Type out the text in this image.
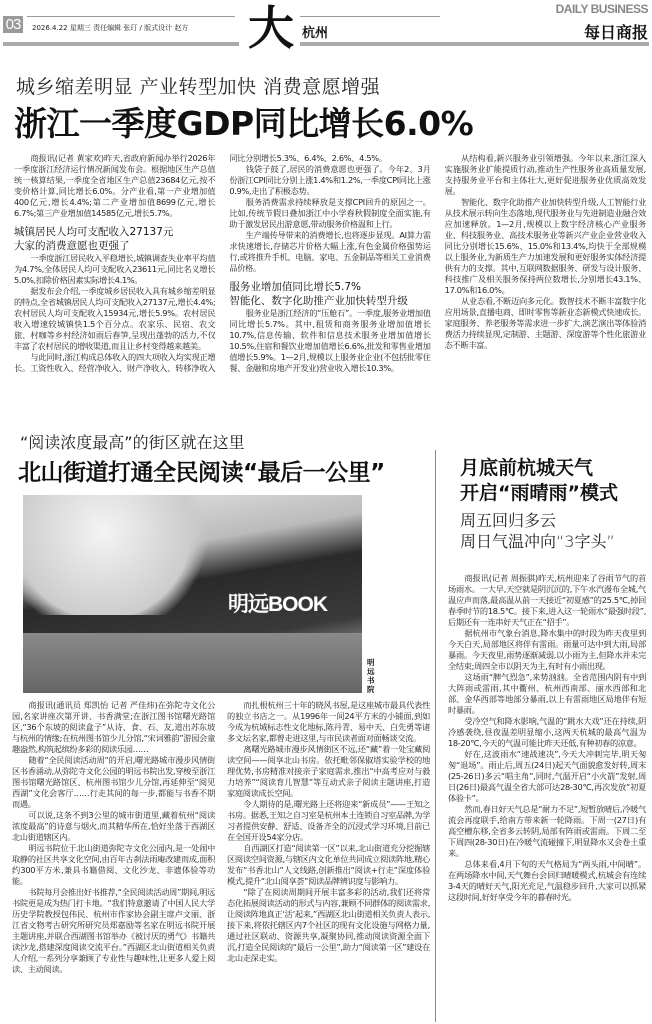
03	2026.4.22 星期三 责任编辑 张玎 / 版式设计 赵方 大 杭州
DAILY BUSINESS
每日商报
城乡缩差明显 产业转型加快 消费意愿增强
浙江一季度GDP同比增长6.0%

商报讯(记者 黄家欢)昨天,省政府新闻办举行2026年一季度浙江经济运行情况新闻发布会。根据地区生产总值统一核算结果,一季度全省地区生产总值23684亿元,按不变价格计算,同比增长6.0%。分产业看,第一产业增加值400亿元,增长4.4%;第二产业增加值8699亿元,增长6.7%;第三产业增加值14585亿元,增长5.7%。

城镇居民人均可支配收入27137元
大家的消费意愿也更强了

一季度浙江居民收入平稳增长,城镇调查失业率平均值为4.7%,全体居民人均可支配收入23611元,同比名义增长5.0%,扣除价格因素实际增长4.1%。

据发布会介绍,一季度城乡居民收入具有城乡缩差明显的特点,全省城镇居民人均可支配收入27137元,增长4.4%;农村居民人均可支配收入15934元,增长5.9%。农村居民收入增速较城镇快1.5个百分点。农家乐、民宿、农文旅、村咖等乡村经济如雨后春笋,呈现出蓬勃的活力,不仅丰富了农村居民的增收渠道,而且让乡村变得越来越美。

与此同时,浙江构成总体收入的四大项收入均实现正增长。工资性收入、经营净收入、财产净收入、转移净收入同比分别增长5.3%、6.4%、2.6%、4.5%。

钱袋子鼓了,居民的消费意愿也更强了。今年2、3月份浙江CPI同比分别上涨1.4%和1.2%,一季度CPI同比上涨0.9%,走出了积极态势。

服务消费需求持续释放是支撑CPI回升的原因之一。比如,传统节假日叠加浙江中小学春秋假制度全面实施,有助于激发居民出游意愿,带动服务价格温和上行。

生产端传导带来的消费增长,也将逐步显现。AI算力需求快速增长,存储芯片价格大幅上涨,有色金属价格强势运行,或将推升手机、电脑、家电、五金制品等相关工业消费品价格。

服务业增加值同比增长5.7%
智能化、数字化助推产业加快转型升级

服务业是浙江经济的“压舱石”。一季度,服务业增加值同比增长5.7%。其中,租赁和商务服务业增加值增长10.7%,信息传输、软件和信息技术服务业增加值增长10.5%,住宿和餐饮业增加值增长6.6%,批发和零售业增加值增长5.9%。1—2月,规模以上服务业企业(不包括批零住餐、金融和房地产开发业)营业收入增长10.3%。

从结构看,新兴服务业引领增强。今年以来,浙江深入实施服务业扩能提质行动,推动生产性服务业高质量发展,支持服务业平台和主体壮大,更好促进服务业优质高效发展。

智能化、数字化助推产业加快转型升级,人工智能行业从技术展示转向生态落地,现代服务业与先进制造业融合效应加速释放。1—2月,规模以上数字经济核心产业服务业、科技服务业、高技术服务业等新兴产业企业营业收入同比分别增长15.6%、15.0%和13.4%,均快于全部规模以上服务业,为新质生产力加速发展和更好服务实体经济提供有力的支撑。其中,互联网数据服务、研发与设计服务、科技推广及相关服务保持两位数增长,分别增长43.1%、17.0%和16.0%。

从业态看,不断迈向多元化。数智技术不断丰富数字化应用场景,直播电商、即时零售等新业态新模式快速成长。家庭服务、养老服务等需求进一步扩大,演艺演出等体验消费活力持续显现,定制游、主题游、深度游等个性化旅游业态不断丰富。

“阅读浓度最高”的街区就在这里
北山街道打通全民阅读“最后一公里”
明远BOOK
明远书院

商报讯(通讯员 郑凯怡 记者 严佳炜)在弥陀寺文化公园,名家讲座次第开讲、书香满堂;在浙江图书馆曙光路馆区,“36个东坡的阅读盒子”从诗、食、石、友,道出苏东坡与杭州的情缘;在杭州图书馆少儿分馆,“宋词雅韵”游园会童趣盎然,构筑起缤纷多彩的阅读乐园……

随着“全民阅读活动周”的开启,曙光路城市漫步风情街区书香涌动,从弥陀寺文化公园的明远书院出发,穿梭至浙江图书馆曙光路馆区、杭州图书馆少儿分馆,再延伸至“阅见西湖”文化会客厅……行走其间的每一步,都能与书香不期而遇。

可以说,这条不到3公里的城市街道里,藏着杭州“阅读浓度最高”的诗意与烟火,而其精华所在,恰好坐落于西湖区北山街道辖区内。

明远书院位于北山街道弥陀寺文化公园内,是一处闹中取静的社区共享文化空间,由百年古刹法雨庵改建而成,面积约300平方米,兼具书籍借阅、文化沙龙、非遗体验等功能。

书院每月会推出好书推荐,“全民阅读活动周”期间,明远书院更是成为热门打卡地。“我们特意邀请了中国人民大学历史学院教授包伟民、杭州市作家协会副主席卢文丽、浙江省文物考古研究所研究员郑嘉励等名家在明远书院开展主题讲座,并联合西湖图书馆举办《被讨厌的勇气》书籍共读沙龙,搭建深度阅读交流平台。”西湖区北山街道相关负责人介绍,一系列分享兼顾了专业性与趣味性,让更多人爱上阅读、主动阅读。

而扎根杭州三十年的晓风书屋,是这座城市最具代表性的独立书店之一。从1996年一间24平方米的小铺面,到如今成为杭城标志性文化地标,陈丹青、易中天、白先勇等诸多文坛名家,都曾走进这里,与市民读者面对面畅谈交流。

离曙光路城市漫步风情街区不远,还“藏”着一处宝藏阅读空间——阅享北山书房。依托毗邻保俶塔实验学校的地理优势,书房精准对接亲子家庭需求,推出“中高考应对与毅力培养”“阅读育儿智慧”等互动式亲子阅读主题讲座,打造家庭阅读成长空间。

令人期待的是,曙光路上还将迎来“新成员”——王知之书房。据悉,王知之自习室是杭州本土连锁自习室品牌,为学习者提供安静、舒适、设备齐全的沉浸式学习环境,目前已在全国开设54家分店。

自西湖区打造“阅读第一区”以来,北山街道充分挖掘辖区阅读空间资源,与辖区内文化单位共同成立阅读阵地,精心发布“书香北山”人文线路,创新推出“阅读+行走”深度体验模式,提升“北山阅享荟”阅读品牌辨识度与影响力。

“除了在阅读周期间开展丰富多彩的活动,我们还将常态化拓展阅读活动的形式与内容,兼顾不同群体的阅读需求,让阅读阵地真正‘活’起来,”西湖区北山街道相关负责人表示,接下来,将依托辖区内7个社区的现有文化设施与网格力量,通过社区联动、资源共享,凝聚协同,推动阅读资源全面下沉,打造全民阅读的“最后一公里”,助力“阅读第一区”建设在北山走深走实。

月底前杭城天气
开启“雨晴雨”模式
周五回归多云
周日气温冲向“3字头”

商报讯(记者 周振骐)昨天,杭州迎来了谷雨节气的首场雨水。一大早,天空就是阴沉沉的,下午水汽漫布全城,气温应声而落,最高温从前一天接近“初夏感”的25.5℃,掉回春季时节的18.5℃。接下来,进入这一轮雨水“最强时段”,后期还有一连串好天气正在“招手”。

据杭州市气象台消息,降水集中的时段为昨天夜里到今天白天,局部地区将伴有雷雨。雨量可达中到大雨,局部暴雨。今天夜里,雨势逐渐减弱,以小雨为主,但降水并未完全结束;周四全市以阴天为主,有时有小雨出现。

这场雨“脾气烈急”,来势汹汹。全省范围内阴有中到大阵雨或雷雨,其中衢州、杭州西南部、丽水西部和北部、金华西部等地部分暴雨,以上有雷雨地区局地伴有短时暴雨。

受冷空气和降水影响,气温的“跳水大戏”还在持续,阴冷感袭绕,昼夜温差明显缩小,这两天杭城的最高气温为18-20℃,今天的气温可能比昨天还低,有种初春的凉意。

好在,这波雨水“速战速决”,今天大冲刺完毕,明天匆匆“退场”。雨止后,周五(24日)起天气面貌愈发好转,周末(25-26日)多云“唱主角”,同时,气温开启“小火箭”发射,周日(26日)最高气温全省大部可达28-30℃,再次发放“初夏体验卡”。

然而,春日好天气总是“耐力不足”,短暂放晴后,冷暖气流会再度联手,给南方带来新一轮降雨。下周一(27日)有高空槽东移,全省多云转阴,局部有阵雨或雷雨。下周二至下周四(28-30日)在冷暖气流碰撞下,明显降水又会卷土重来。

总体来看,4月下旬的天气格局为“两头雨,中间晴”。在两场降水中间,天气舞台会回归晴暖模式,杭城会有连续3-4天的晴好天气,阳光充足,气温稳步回升,大家可以抓紧这段时间,好好享受今年的暮春时光。
